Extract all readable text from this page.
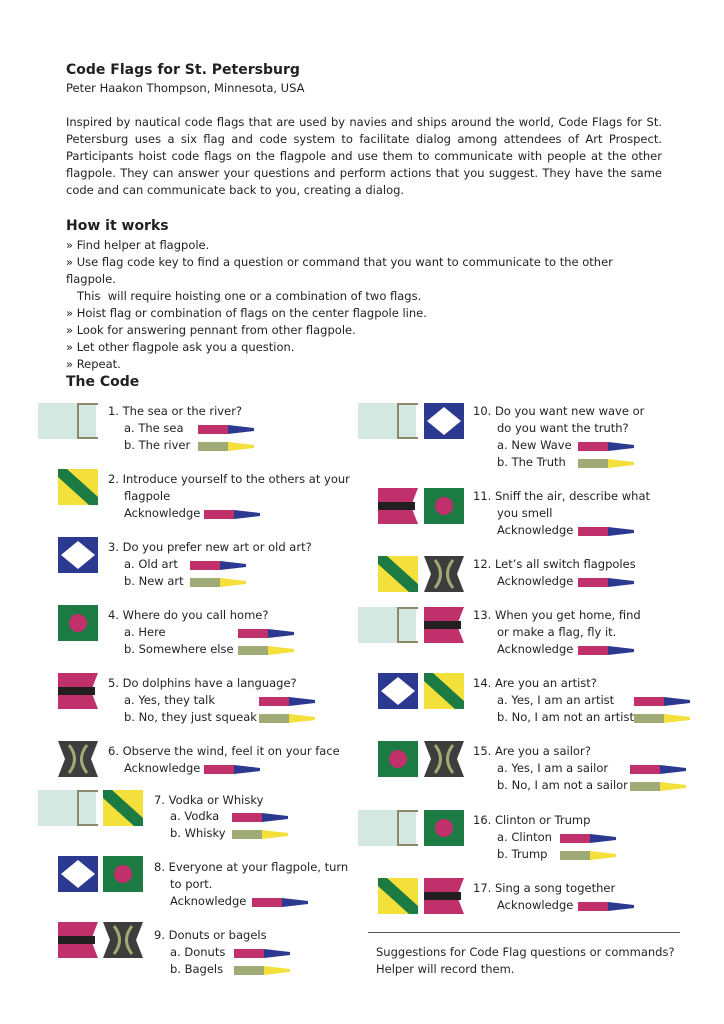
Code Flags for St. Petersburg
Peter Haakon Thompson, Minnesota, USA
Inspired by nautical code flags that are used by navies and ships around the world, Code Flags for St. Petersburg uses a six flag and code system to facilitate dialog among attendees of Art Prospect. Participants hoist code flags on the flagpole and use them to communicate with people at the other flagpole. They can answer your questions and perform actions that you suggest. They have the same code and can communicate back to you, creating a dialog.
How it works
» Find helper at flagpole.
» Use flag code key to find a question or command that you want to communicate to the other flagpole.
This  will require hoisting one or a combination of two flags.
» Hoist flag or combination of flags on the center flagpole line.
» Look for answering pennant from other flagpole.
» Let other flagpole ask you a question.
» Repeat.
The Code
1. The sea or the river?
a. The sea
b. The river
2. Introduce yourself to the others at your
flagpole
Acknowledge
3. Do you prefer new art or old art?
a. Old art
b. New art
4. Where do you call home?
a. Here
b. Somewhere else
5. Do dolphins have a language?
a. Yes, they talk
b. No, they just squeak
6. Observe the wind, feel it on your face
Acknowledge
7. Vodka or Whisky
a. Vodka
b. Whisky
8. Everyone at your flagpole, turn
to port.
Acknowledge
9. Donuts or bagels
a. Donuts
b. Bagels
10. Do you want new wave or
do you want the truth?
a. New Wave
b. The Truth
11. Sniff the air, describe what
you smell
Acknowledge
12. Let’s all switch flagpoles
Acknowledge
13. When you get home, find
or make a flag, fly it.
Acknowledge
14. Are you an artist?
a. Yes, I am an artist
b. No, I am not an artist
15. Are you a sailor?
a. Yes, I am a sailor
b. No, I am not a sailor
16. Clinton or Trump
a. Clinton
b. Trump
17. Sing a song together
Acknowledge
Suggestions for Code Flag questions or commands?
Helper will record them.
